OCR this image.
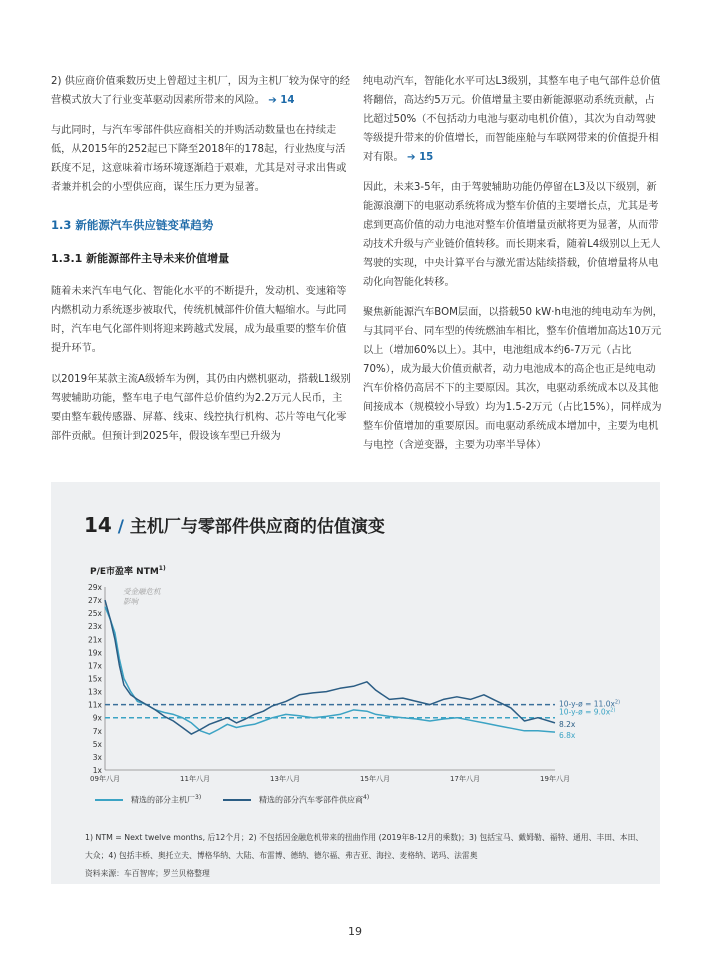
2) 供应商价值乘数历史上曾超过主机厂，因为主机厂较为保守的经营模式放大了行业变革驱动因素所带来的风险。 ➔ 14

与此同时，与汽车零部件供应商相关的并购活动数量也在持续走低，从2015年的252起已下降至2018年的178起，行业热度与活跃度不足，这意味着市场环境逐渐趋于艰难，尤其是对寻求出售或者兼并机会的小型供应商，谋生压力更为显著。

1.3 新能源汽车供应链变革趋势

1.3.1 新能源部件主导未来价值增量

随着未来汽车电气化、智能化水平的不断提升，发动机、变速箱等内燃机动力系统逐步被取代，传统机械部件价值大幅缩水。与此同时，汽车电气化部件则将迎来跨越式发展，成为最重要的整车价值提升环节。

以2019年某款主流A级轿车为例，其仍由内燃机驱动，搭载L1级别驾驶辅助功能，整车电子电气部件总价值约为2.2万元人民币，主要由整车载传感器、屏幕、线束、线控执行机构、芯片等电气化零部件贡献。但预计到2025年，假设该车型已升级为

纯电动汽车，智能化水平可达L3级别，其整车电子电气部件总价值将翻倍，高达约5万元。价值增量主要由新能源驱动系统贡献，占比超过50%（不包括动力电池与驱动电机价值），其次为自动驾驶等级提升带来的价值增长，而智能座舱与车联网带来的价值提升相对有限。 ➔ 15

因此，未来3-5年，由于驾驶辅助功能仍停留在L3及以下级别，新能源浪潮下的电驱动系统将成为整车价值的主要增长点，尤其是考虑到更高价值的动力电池对整车价值增量贡献将更为显著，从而带动技术升级与产业链价值转移。而长期来看，随着L4级别以上无人驾驶的实现，中央计算平台与激光雷达陆续搭载，价值增量将从电动化向智能化转移。

聚焦新能源汽车BOM层面，以搭载50 kW·h电池的纯电动车为例，与其同平台、同车型的传统燃油车相比，整车价值增加高达10万元以上（增加60%以上）。其中，电池组成本约6-7万元（占比70%），成为最大价值贡献者，动力电池成本的高企也正是纯电动汽车价格仍高居不下的主要原因。其次，电驱动系统成本以及其他间接成本（规模较小导致）均为1.5-2万元（占比15%），同样成为整车价值增加的重要原因。而电驱动系统成本增加中，主要为电机与电控（含逆变器，主要为功率半导体）

14 / 主机厂与零部件供应商的估值演变
P/E市盈率 NTM$^{1)}$
1x
3x
5x
7x
9x
11x
13x
15x
17x
19x
21x
23x
25x
27x
29x
09年八月	11年八月	13年八月	15年八月	17年八月	19年八月
受金融危机
影响
10-y-ø = $11.0x^{2)}$
10-y-ø = $9.0x^{2)}$
8.2x
6.8x
精选的部分主机厂$^{3)}$	精选的部分汽车零部件供应商$^{4)}$
1) NTM = Next twelve months, 后12个月；2) 不包括因金融危机带来的扭曲作用 (2019年8-12月的乘数)；3) 包括宝马、戴姆勒、福特、通用、丰田、本田、
大众；4) 包括丰桥、奥托立夫、博格华纳、大陆、布雷博、德纳、德尔福、弗吉亚、海拉、麦格纳、诺玛、法雷奥
资料来源：车百智库；罗兰贝格整理
19
